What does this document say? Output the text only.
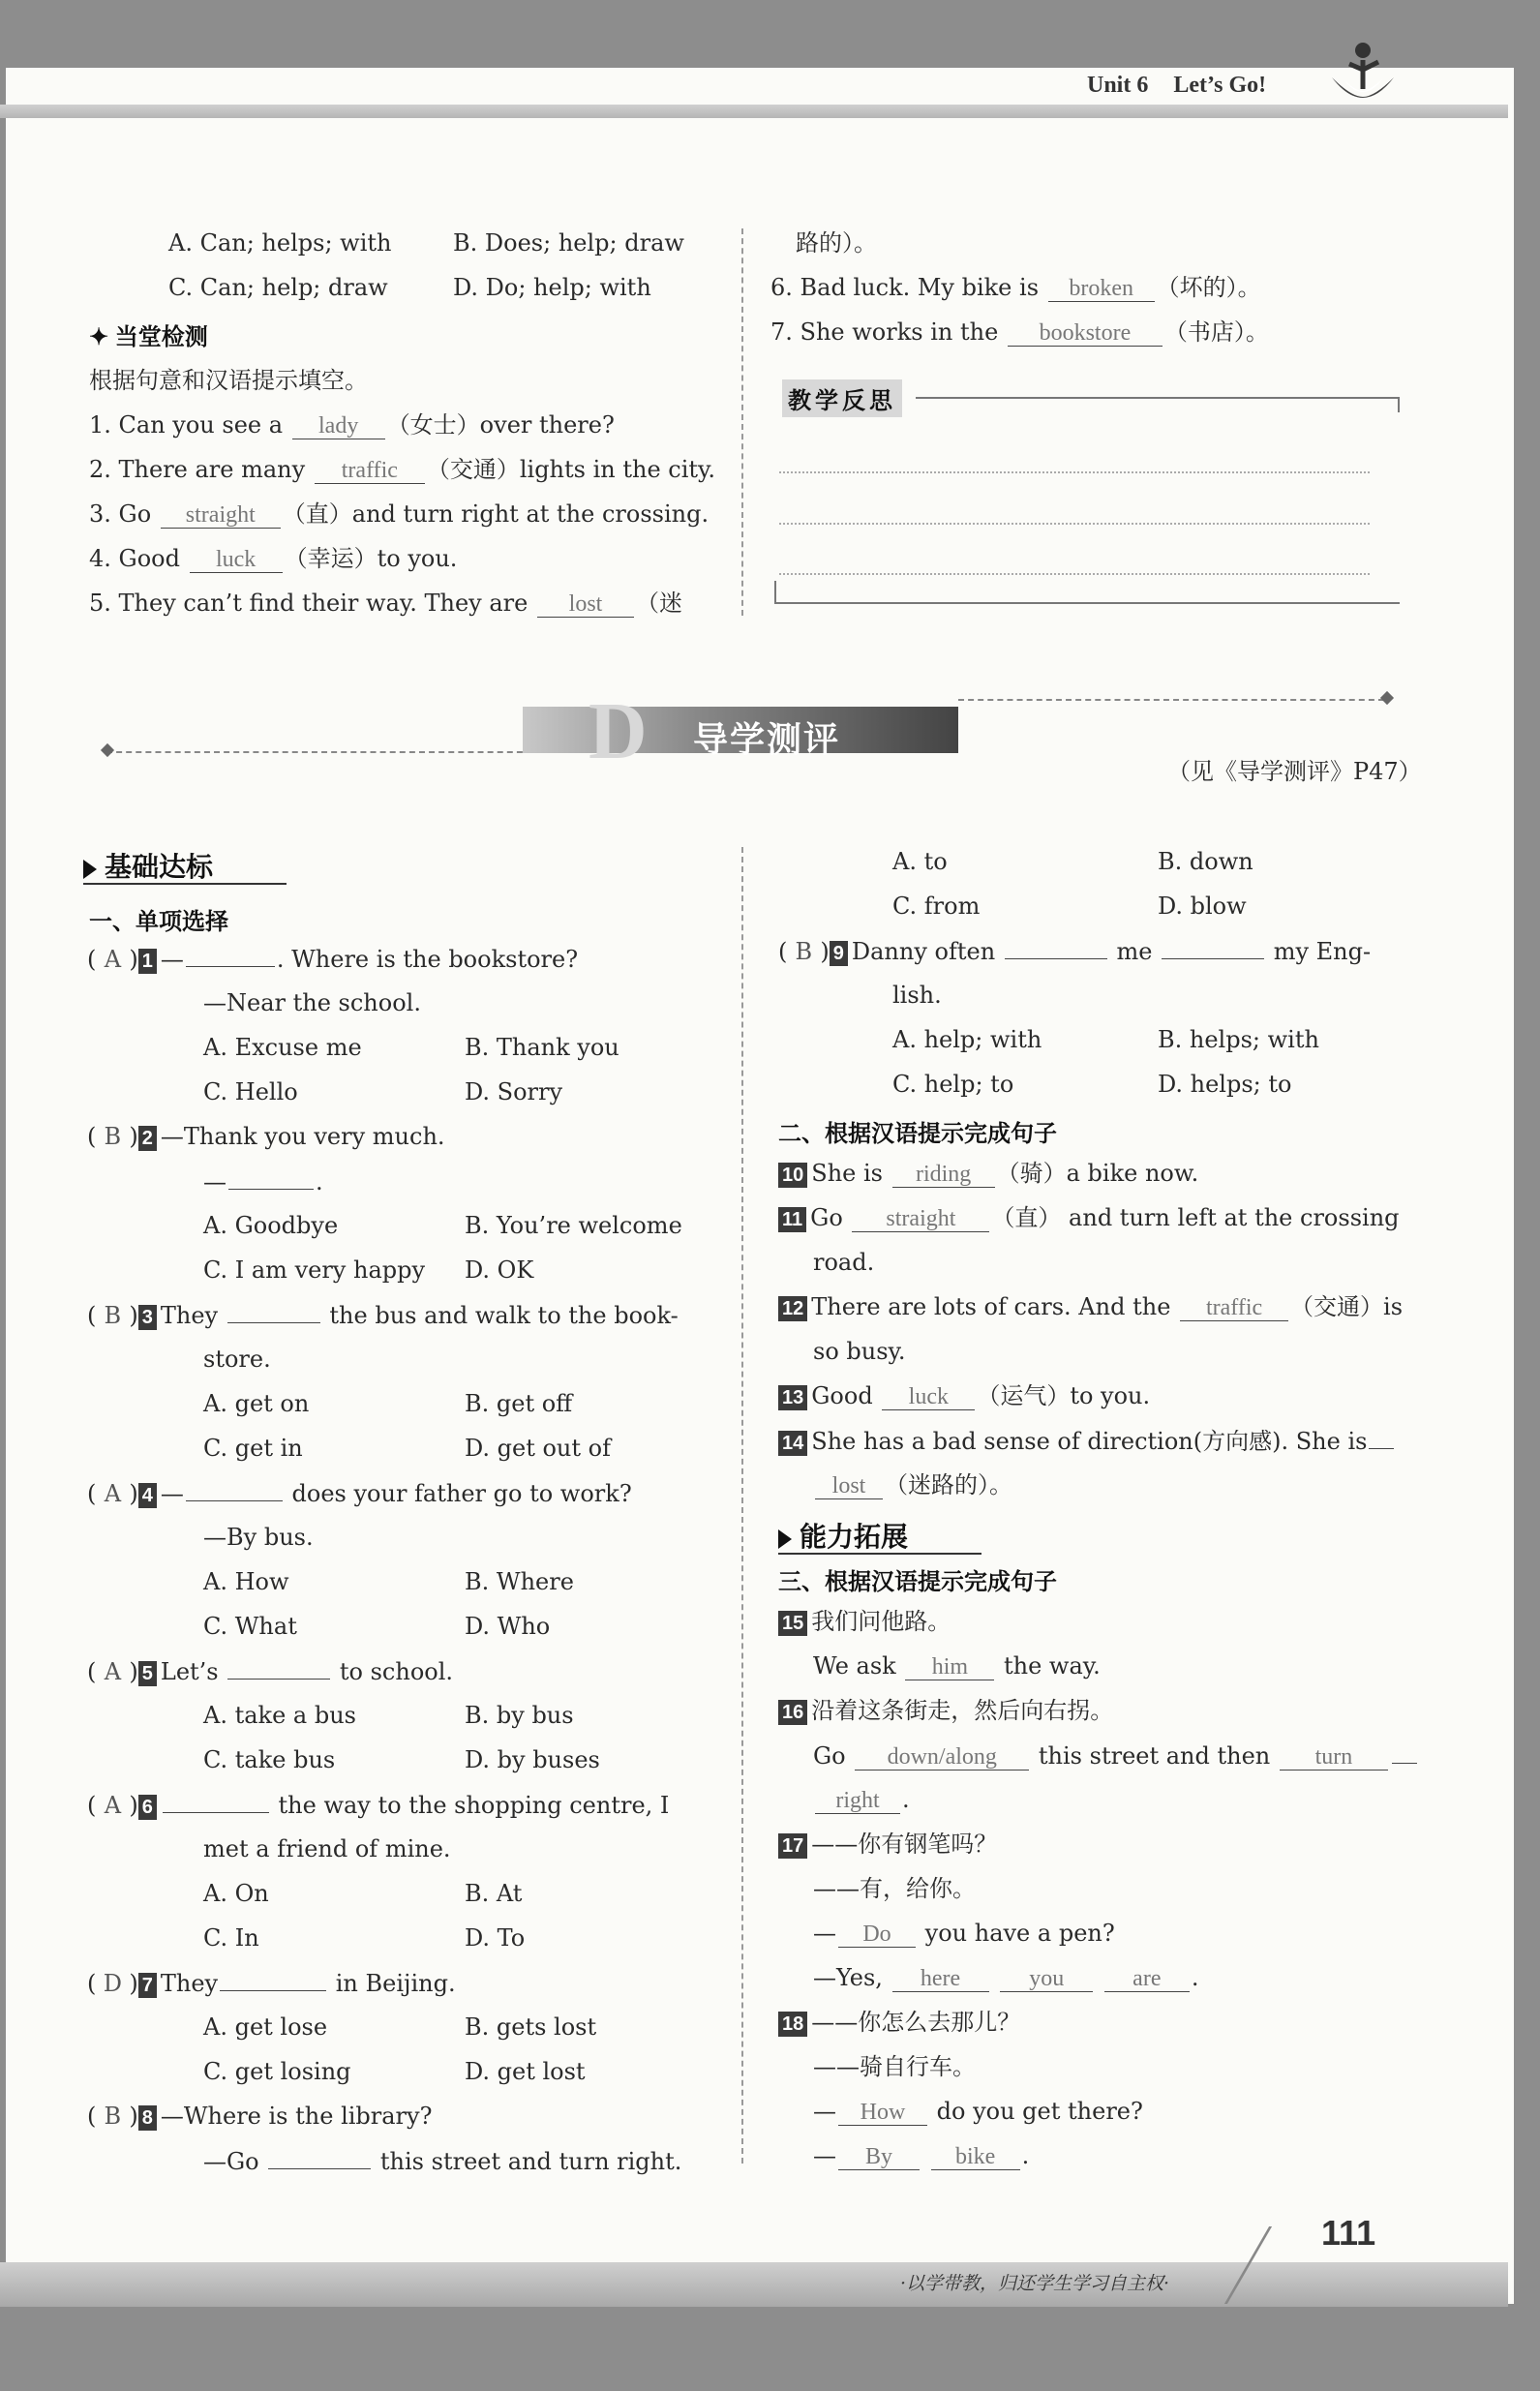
Unit 6 Let’s Go!
A. Can; helps; with	B. Does; help; draw
C. Can; help; draw	D. Do; help; with
✦ 当堂检测
根据句意和汉语提示填空。
1. Can you see a lady （女士）over there?
2. There are many traffic （交通）lights in the city.
3. Go straight （直）and turn right at the crossing.
4. Good luck （幸运）to you.
5. They can’t find their way. They are lost （迷
路的）。
6. Bad luck. My bike is broken （坏的）。
7. She works in the bookstore （书店）。
教学反思
D 导学测评
（见《导学测评》P47）
基础达标
一、单项选择
( A ) 1 —	. Where is the bookstore?
—Near the school.
A. Excuse me	B. Thank you
C. Hello	D. Sorry
( B ) 2 —Thank you very much.
—	.
A. Goodbye	B. You’re welcome
C. I am very happy D. OK
( B ) 3 They	the bus and walk to the book-
store.
A. get on	B. get off
C. get in	D. get out of
( A ) 4 —	does your father go to work?
—By bus.
A. How	B. Where
C. What	D. Who
( A ) 5 Let’s	to school.
A. take a bus	B. by bus
C. take bus	D. by buses
( A ) 6	the way to the shopping centre, I
met a friend of mine.
A. On	B. At
C. In	D. To
( D ) 7 They	in Beijing.
A. get lose	B. gets lost
C. get losing	D. get lost
( B ) 8 —Where is the library?
—Go	this street and turn right.
A. to	B. down
C. from	D. blow
( B ) 9 Danny often	me	my Eng-
lish.
A. help; with	B. helps; with
C. help; to	D. helps; to
二、根据汉语提示完成句子
10 She is riding （骑）a bike now.
11 Go straight （直） and turn left at the crossing
road.
12 There are lots of cars. And the traffic （交通）is
so busy.
13 Good luck （运气）to you.
14 She has a bad sense of direction(方向感). She is
lost （迷路的）。
能力拓展
三、根据汉语提示完成句子
15 我们问他路。
We ask him the way.
16 沿着这条街走，然后向右拐。
Go down/along this street and then turn
right .
17 ——你有钢笔吗？
——有，给你。
— Do you have a pen?
—Yes, here	you	are .
18 ——你怎么去那儿？
——骑自行车。
— How do you get there?
— By	bike .
·以学带教，归还学生学习自主权·
111
